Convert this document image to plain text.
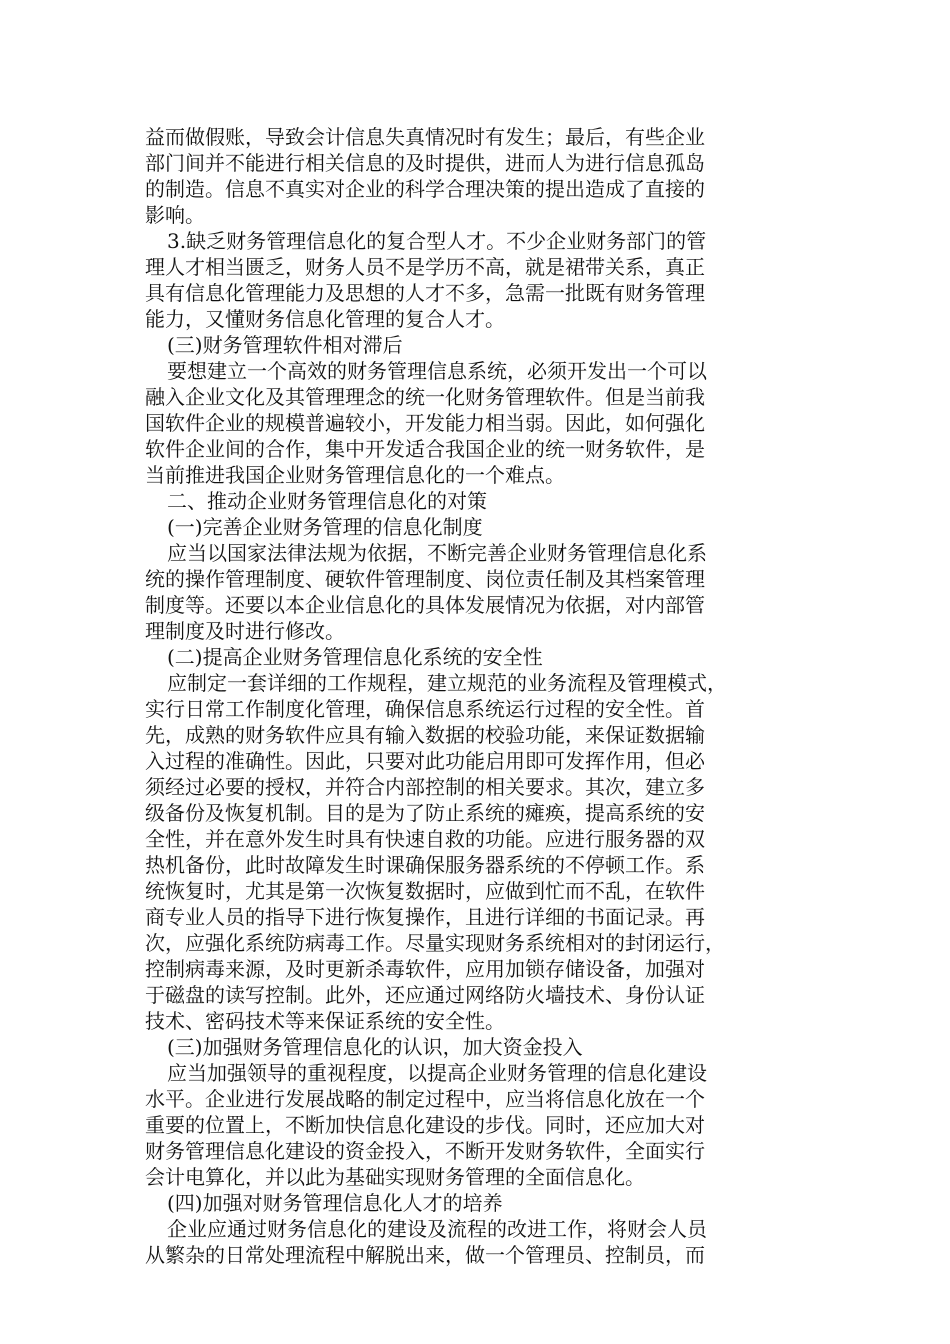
益而做假账，导致会计信息失真情况时有发生；最后，有些企业
部门间并不能进行相关信息的及时提供，进而人为进行信息孤岛
的制造。信息不真实对企业的科学合理决策的提出造成了直接的
影响。
3.缺乏财务管理信息化的复合型人才。不少企业财务部门的管
理人才相当匮乏，财务人员不是学历不高，就是裙带关系，真正
具有信息化管理能力及思想的人才不多，急需一批既有财务管理
能力，又懂财务信息化管理的复合人才。
(三)财务管理软件相对滞后
要想建立一个高效的财务管理信息系统，必须开发出一个可以
融入企业文化及其管理理念的统一化财务管理软件。但是当前我
国软件企业的规模普遍较小，开发能力相当弱。因此，如何强化
软件企业间的合作，集中开发适合我国企业的统一财务软件，是
当前推进我国企业财务管理信息化的一个难点。
二、推动企业财务管理信息化的对策
(一)完善企业财务管理的信息化制度
应当以国家法律法规为依据，不断完善企业财务管理信息化系
统的操作管理制度、硬软件管理制度、岗位责任制及其档案管理
制度等。还要以本企业信息化的具体发展情况为依据，对内部管
理制度及时进行修改。
(二)提高企业财务管理信息化系统的安全性
应制定一套详细的工作规程，建立规范的业务流程及管理模式，
实行日常工作制度化管理，确保信息系统运行过程的安全性。首
先，成熟的财务软件应具有输入数据的校验功能，来保证数据输
入过程的准确性。因此，只要对此功能启用即可发挥作用，但必
须经过必要的授权，并符合内部控制的相关要求。其次，建立多
级备份及恢复机制。目的是为了防止系统的瘫痪，提高系统的安
全性，并在意外发生时具有快速自救的功能。应进行服务器的双
热机备份，此时故障发生时课确保服务器系统的不停顿工作。系
统恢复时，尤其是第一次恢复数据时，应做到忙而不乱，在软件
商专业人员的指导下进行恢复操作，且进行详细的书面记录。再
次，应强化系统防病毒工作。尽量实现财务系统相对的封闭运行，
控制病毒来源，及时更新杀毒软件，应用加锁存储设备，加强对
于磁盘的读写控制。此外，还应通过网络防火墙技术、身份认证
技术、密码技术等来保证系统的安全性。
(三)加强财务管理信息化的认识，加大资金投入
应当加强领导的重视程度，以提高企业财务管理的信息化建设
水平。企业进行发展战略的制定过程中，应当将信息化放在一个
重要的位置上，不断加快信息化建设的步伐。同时，还应加大对
财务管理信息化建设的资金投入，不断开发财务软件，全面实行
会计电算化，并以此为基础实现财务管理的全面信息化。
(四)加强对财务管理信息化人才的培养
企业应通过财务信息化的建设及流程的改进工作，将财会人员
从繁杂的日常处理流程中解脱出来，做一个管理员、控制员，而
